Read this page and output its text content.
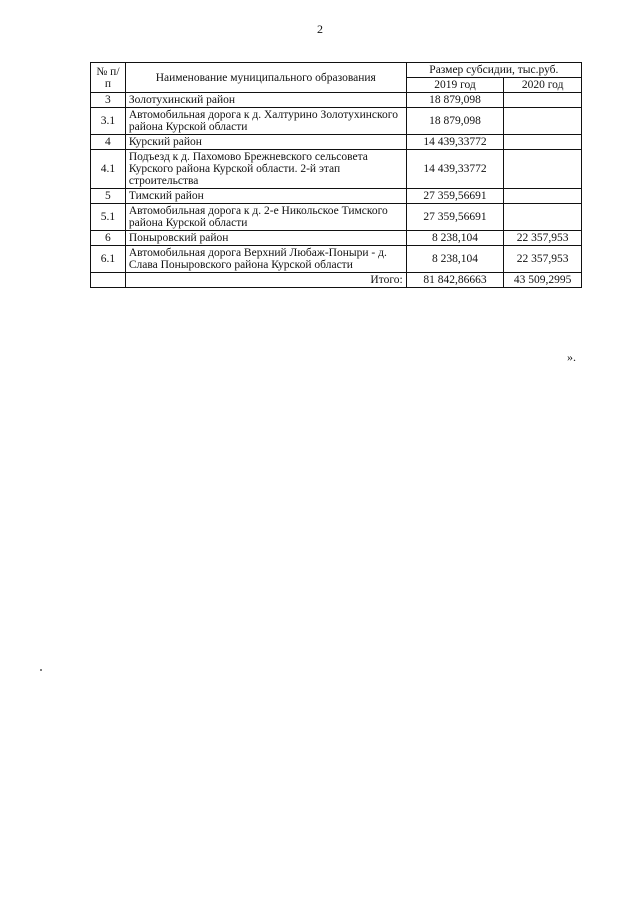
2
№ п/п	Наименование муниципального образования	Размер субсидии, тыс.руб.	
		2019 год	2020 год
3	Золотухинский район	18 879,098	
3.1	Автомобильная дорога к д. Халтурино Золотухинского района Курской области	18 879,098	
4	Курский район	14 439,33772	
4.1	Подъезд к д. Пахомово Брежневского сельсовета Курского района Курской области. 2-й этап строительства	14 439,33772	
5	Тимский район	27 359,56691	
5.1	Автомобильная дорога к д. 2-е Никольское Тимского района Курской области	27 359,56691	
6	Поныровский район	8 238,104	22 357,953
6.1	Автомобильная дорога Верхний Любаж-Поныри - д. Слава Поныровского района Курской области	8 238,104	22 357,953
	Итого:	81 842,86663	43 509,2995
».
